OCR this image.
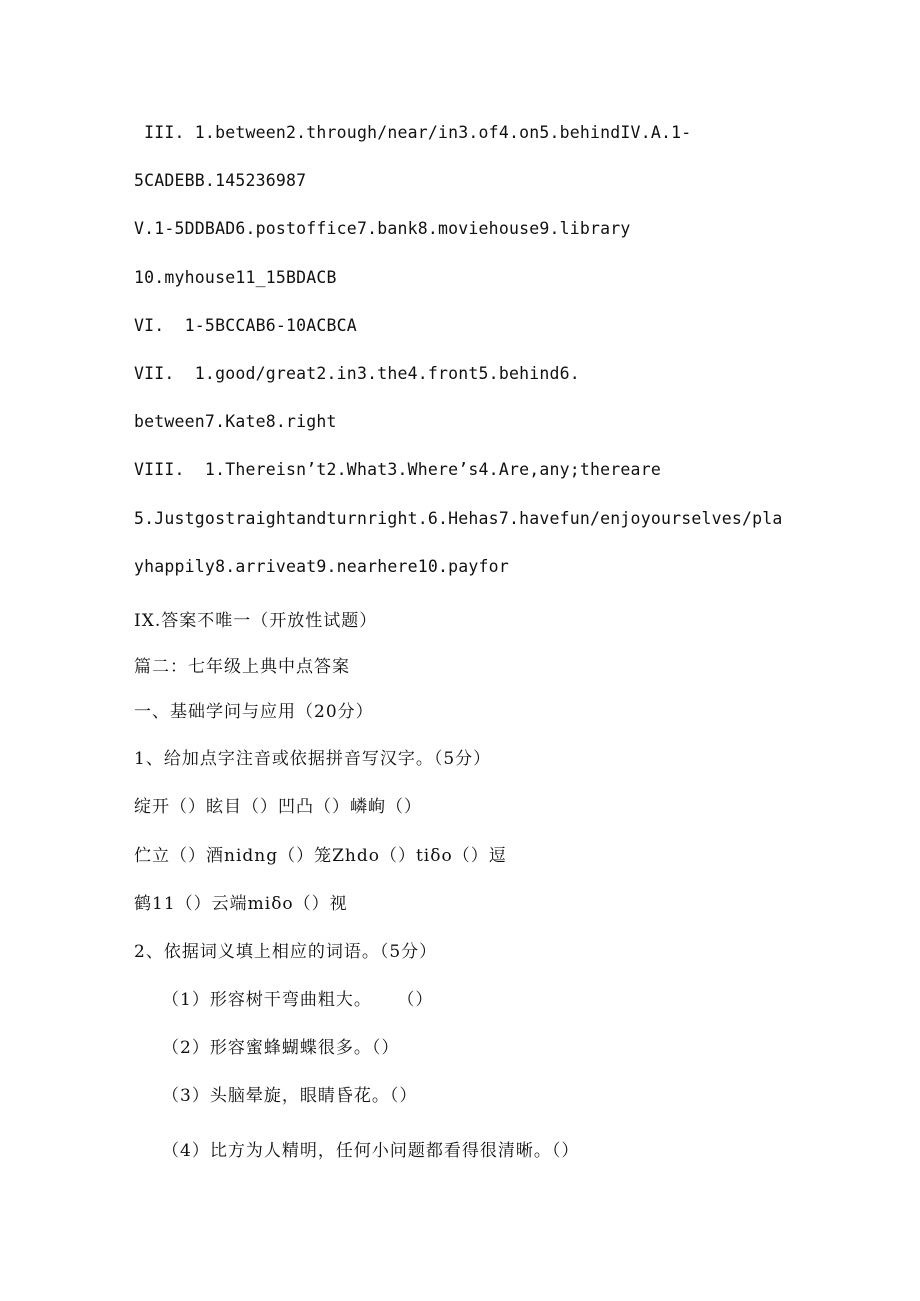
III. 1.between2.through/near/in3.of4.on5.behindIV.A.1-
5CADEBB.145236987
V.1-5DDBAD6.postoffice7.bank8.moviehouse9.library
10.myhouse11_15BDACB
VI.  1-5BCCAB6-10ACBCA
VII.  1.good/great2.in3.the4.front5.behind6.
between7.Kate8.right
VIII.  1.Thereisn’t2.What3.Where’s4.Are,any;thereare
5.Justgostraightandturnright.6.Hehas7.havefun/enjoyourselves/pla
yhappily8.arriveat9.nearhere10.payfor
IX.答案不唯一（开放性试题）
篇二：七年级上典中点答案
一、基础学问与应用（20分）
1、给加点字注音或依据拼音写汉字。（5分）
绽开（）眩目（）凹凸（）嶙峋（）
伫立（）酒nidng（）笼Zhdo（）tiδo（）逗
鹤11（）云端miδo（）视
2、依据词义填上相应的词语。（5分）
（1）形容树干弯曲粗大。    （）
（2）形容蜜蜂蝴蝶很多。（）
（3）头脑晕旋，眼睛昏花。（）
（4）比方为人精明，任何小问题都看得很清晰。（）
